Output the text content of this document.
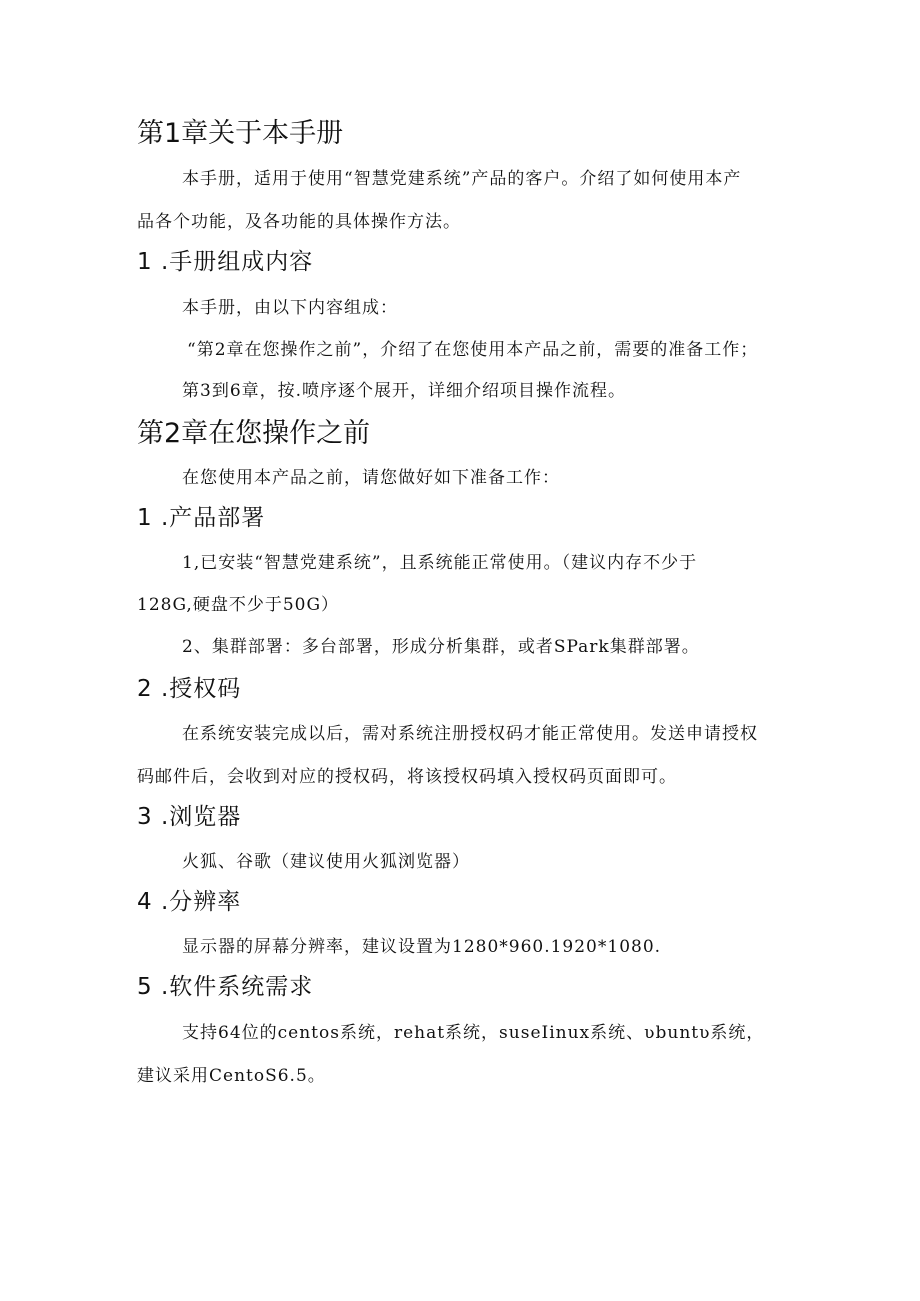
第1章关于本手册
本手册，适用于使用“智慧党建系统”产品的客户。介绍了如何使用本产
品各个功能，及各功能的具体操作方法。
1 .手册组成内容
本手册，由以下内容组成：
“第2章在您操作之前”，介绍了在您使用本产品之前，需要的准备工作；
第3到6章，按.喷序逐个展开，详细介绍项目操作流程。
第2章在您操作之前
在您使用本产品之前，请您做好如下准备工作：
1 .产品部署
1,已安装“智慧党建系统”，且系统能正常使用。（建议内存不少于
128G,硬盘不少于50G）
2、集群部署：多台部署，形成分析集群，或者SPark集群部署。
2 .授权码
在系统安装完成以后，需对系统注册授权码才能正常使用。发送申请授权
码邮件后，会收到对应的授权码，将该授权码填入授权码页面即可。
3 .浏览器
火狐、谷歌（建议使用火狐浏览器）
4 .分辨率
显示器的屏幕分辨率，建议设置为1280*960.1920*1080.
5 .软件系统需求
支持64位的centos系统，rehat系统，suseIinux系统、ʋbuntʋ系统，
建议采用CentoS6.5。
